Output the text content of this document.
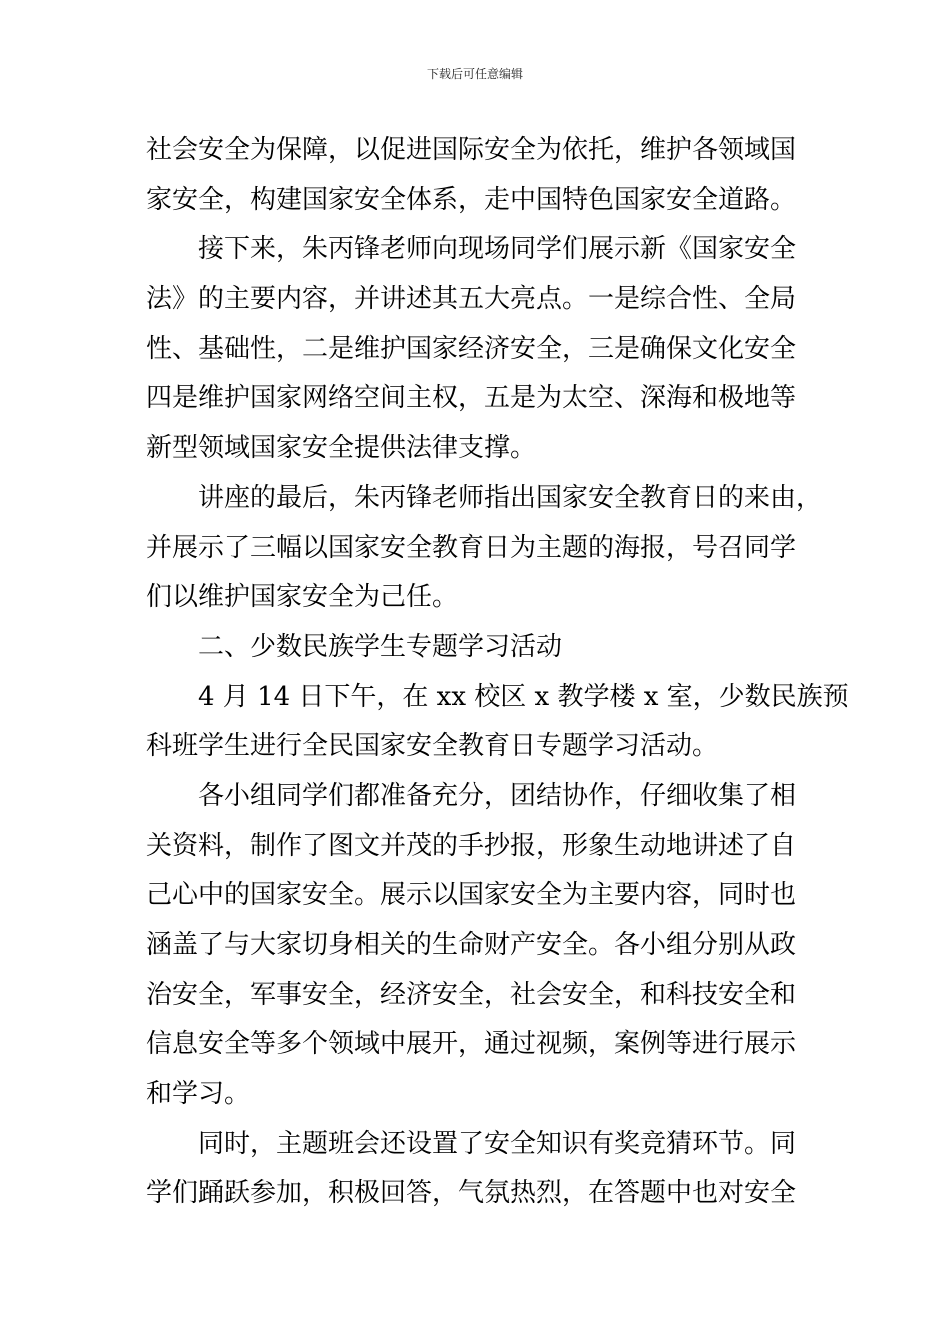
下载后可任意编辑
社会安全为保障，以促进国际安全为依托，维护各领域国
家安全，构建国家安全体系，走中国特色国家安全道路。
接下来，朱丙锋老师向现场同学们展示新《国家安全
法》的主要内容，并讲述其五大亮点。一是综合性、全局
性、基础性，二是维护国家经济安全，三是确保文化安全
四是维护国家网络空间主权，五是为太空、深海和极地等
新型领域国家安全提供法律支撑。
讲座的最后，朱丙锋老师指出国家安全教育日的来由，
并展示了三幅以国家安全教育日为主题的海报，号召同学
们以维护国家安全为己任。
二、少数民族学生专题学习活动
4 月 14 日下午，在 xx 校区 x 教学楼 x 室，少数民族预
科班学生进行全民国家安全教育日专题学习活动。
各小组同学们都准备充分，团结协作，仔细收集了相
关资料，制作了图文并茂的手抄报，形象生动地讲述了自
己心中的国家安全。展示以国家安全为主要内容，同时也
涵盖了与大家切身相关的生命财产安全。各小组分别从政
治安全，军事安全，经济安全，社会安全，和科技安全和
信息安全等多个领域中展开，通过视频，案例等进行展示
和学习。
同时，主题班会还设置了安全知识有奖竞猜环节。同
学们踊跃参加，积极回答，气氛热烈，在答题中也对安全
